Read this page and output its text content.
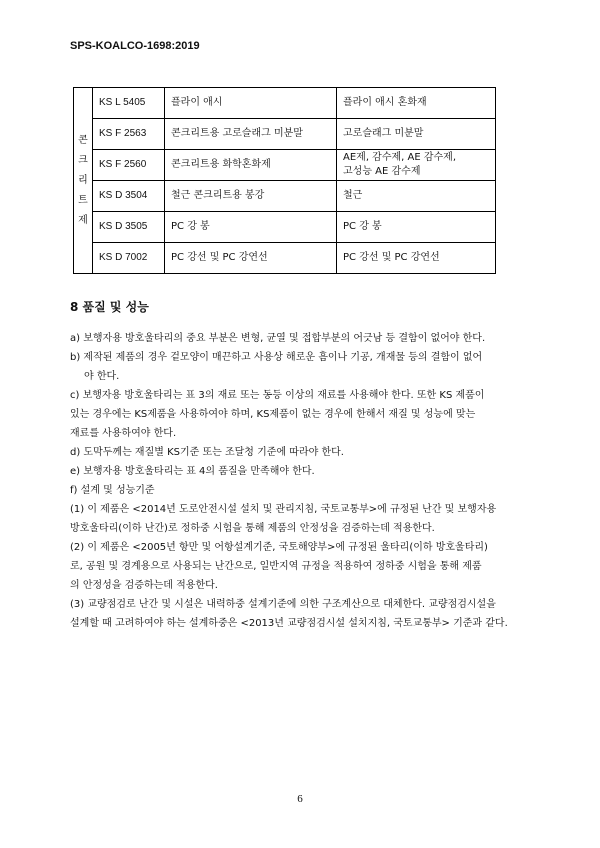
SPS-KOALCO-1698:2019
콘
크
리
트
제	KS L 5405	플라이 애시	플라이 애시 혼화재
	KS F 2563	콘크리트용 고로슬래그 미분말	고로슬래그 미분말
	KS F 2560	콘크리트용 화학혼화제	AE제, 감수제, AE 감수제,
고성능 AE 감수제
	KS D 3504	철근 콘크리트용 봉강	철근
	KS D 3505	PC 강 봉	PC 강 봉
	KS D 7002	PC 강선 및 PC 강연선	PC 강선 및 PC 강연선
8 품질 및 성능

a) 보행자용 방호울타리의 중요 부분은 변형, 균열 및 접합부분의 어긋남 등 결함이 없어야 한다.

b) 제작된 제품의 경우 겉모양이 매끈하고 사용상 해로운 흠이나 기공, 개재물 등의 결함이 없어

야 한다.

c) 보행자용 방호울타리는 표 3의 재료 또는 동등 이상의 재료를 사용해야 한다. 또한 KS 제품이

있는 경우에는 KS제품을 사용하여야 하며, KS제품이 없는 경우에 한해서 재질 및 성능에 맞는

재료를 사용하여야 한다.

d) 도막두께는 재질별 KS기준 또는 조달청 기준에 따라야 한다.

e) 보행자용 방호울타리는 표 4의 품질을 만족해야 한다.

f) 설계 및 성능기준

(1) 이 제품은 <2014년 도로안전시설 설치 및 관리지침, 국토교통부>에 규정된 난간 및 보행자용

방호울타리(이하 난간)로 정하중 시험을 통해 제품의 안정성을 검증하는데 적용한다.

(2) 이 제품은 <2005년 항만 및 어항설계기준, 국토해양부>에 규정된 울타리(이하 방호울타리)

로, 공원 및 경계용으로 사용되는 난간으로, 일반지역 규정을 적용하여 정하중 시험을 통해 제품

의 안정성을 검증하는데 적용한다.

(3) 교량점검로 난간 및 시설은 내력하중 설계기준에 의한 구조계산으로 대체한다. 교량점검시설을

설계할 때 고려하여야 하는 설계하중은 <2013년 교량점검시설 설치지침, 국토교통부> 기준과 같다.

6
